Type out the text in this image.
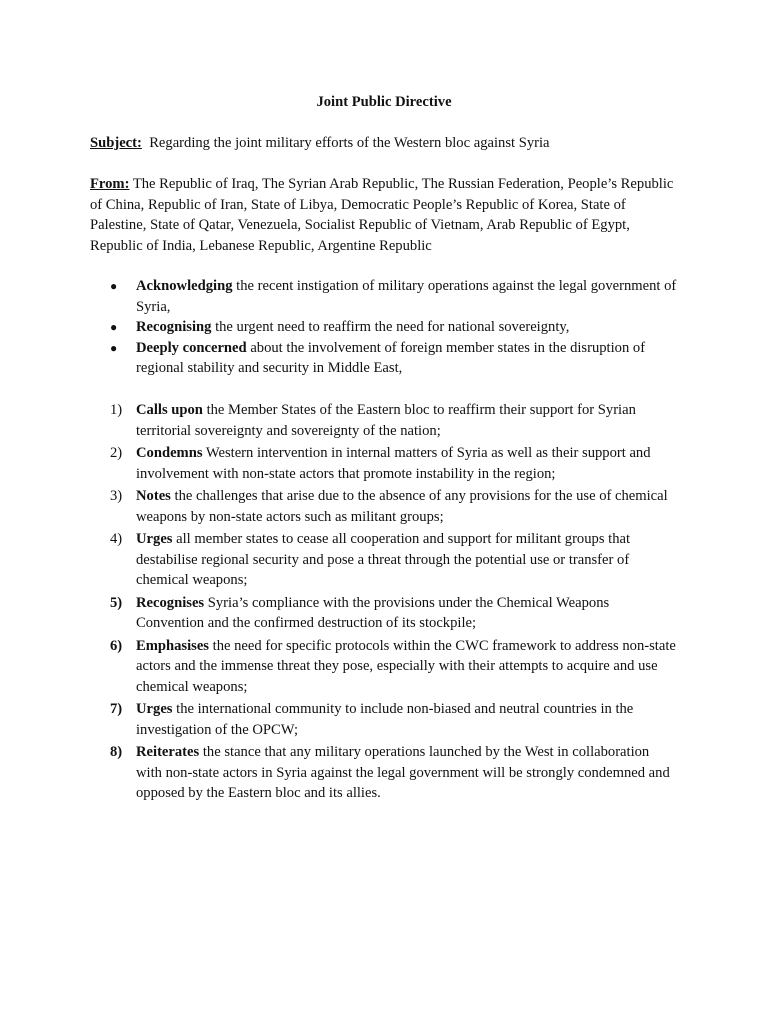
Joint Public Directive
Subject: Regarding the joint military efforts of the Western bloc against Syria
From: The Republic of Iraq, The Syrian Arab Republic, The Russian Federation, People’s Republic of China, Republic of Iran, State of Libya, Democratic People’s Republic of Korea, State of Palestine, State of Qatar, Venezuela, Socialist Republic of Vietnam, Arab Republic of Egypt, Republic of India, Lebanese Republic, Argentine Republic
● Acknowledging the recent instigation of military operations against the legal government of Syria,
● Recognising the urgent need to reaffirm the need for national sovereignty,
● Deeply concerned about the involvement of foreign member states in the disruption of regional stability and security in Middle East,
1) Calls upon the Member States of the Eastern bloc to reaffirm their support for Syrian territorial sovereignty and sovereignty of the nation;
2) Condemns Western intervention in internal matters of Syria as well as their support and involvement with non-state actors that promote instability in the region;
3) Notes the challenges that arise due to the absence of any provisions for the use of chemical weapons by non-state actors such as militant groups;
4) Urges all member states to cease all cooperation and support for militant groups that destabilise regional security and pose a threat through the potential use or transfer of chemical weapons;
5) Recognises Syria’s compliance with the provisions under the Chemical Weapons Convention and the confirmed destruction of its stockpile;
6) Emphasises the need for specific protocols within the CWC framework to address non-state actors and the immense threat they pose, especially with their attempts to acquire and use chemical weapons;
7) Urges the international community to include non-biased and neutral countries in the investigation of the OPCW;
8) Reiterates the stance that any military operations launched by the West in collaboration with non-state actors in Syria against the legal government will be strongly condemned and opposed by the Eastern bloc and its allies.
